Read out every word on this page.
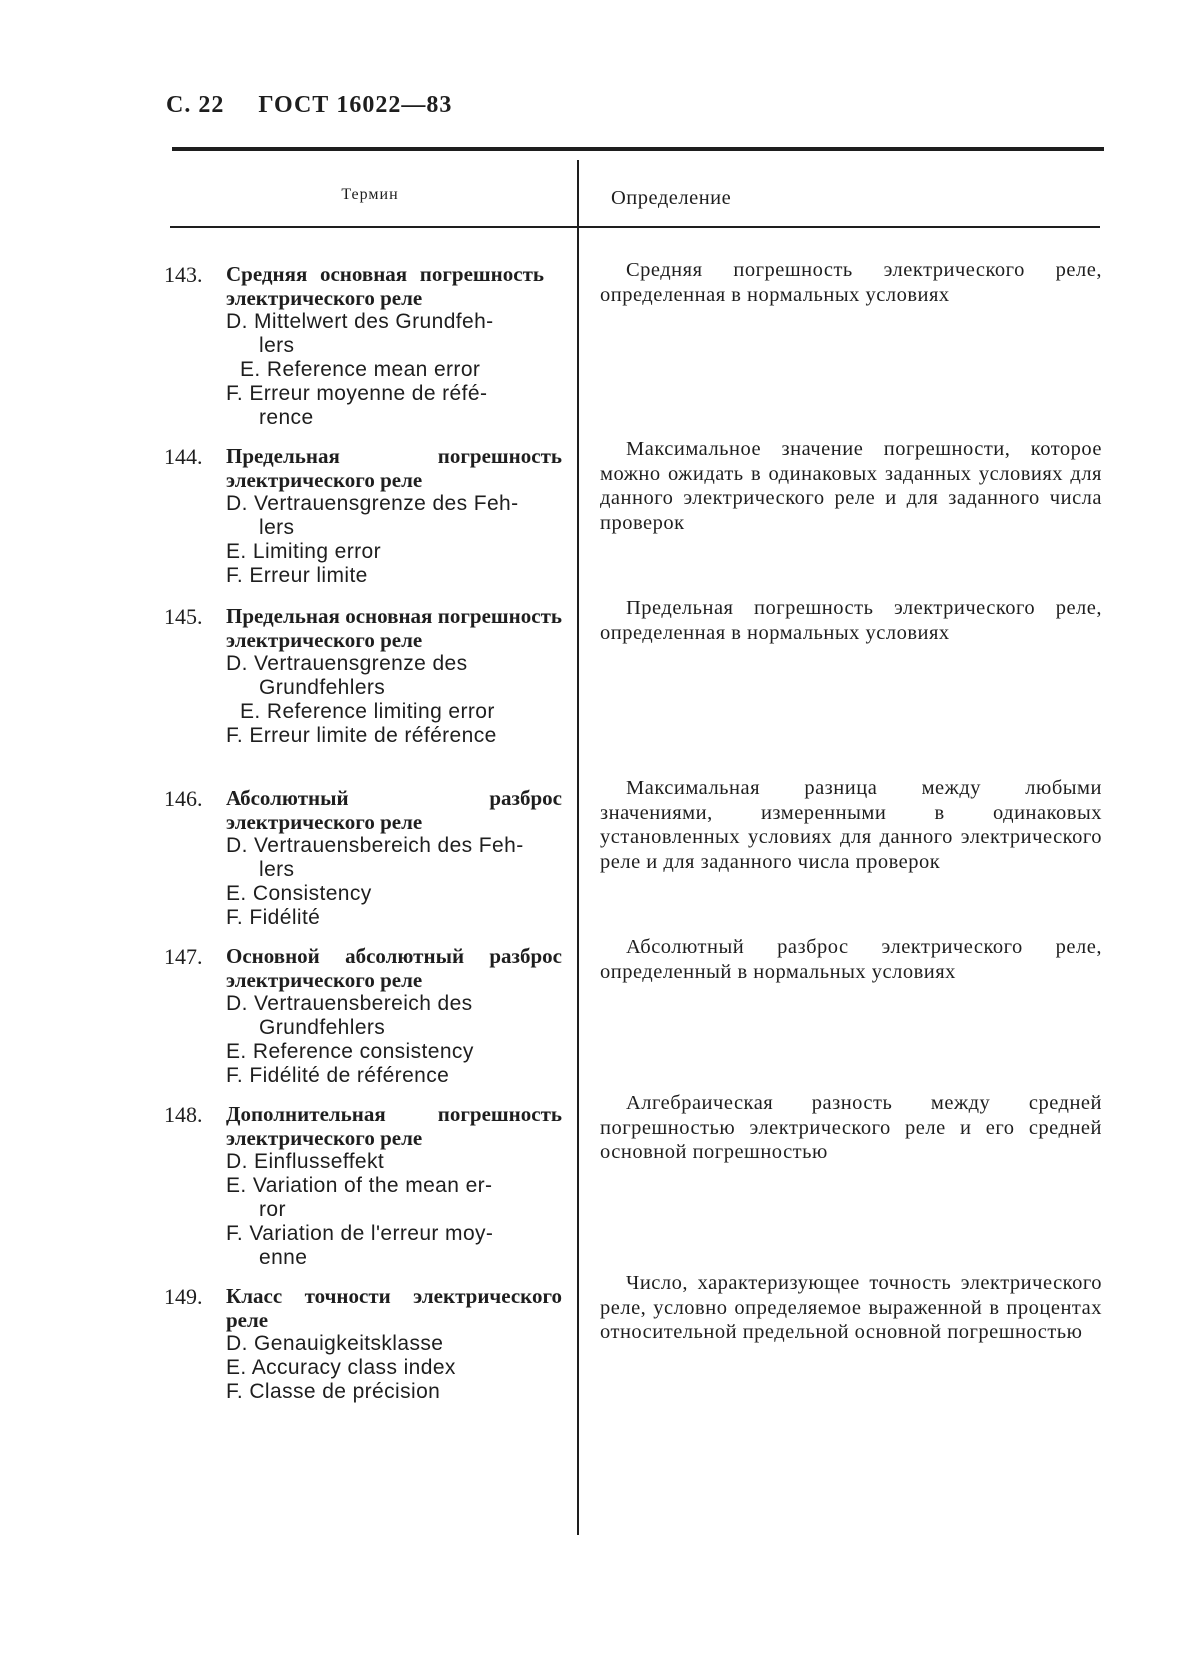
С. 22 ГОСТ 16022—83
Термин	Определение
143. Средняя основная погрешность электрического реле
D. Mittelwert des Grundfeh-
lers
E. Reference mean error
F. Erreur moyenne de réfé-
rence
Средняя погрешность электрического реле, определенная в нормальных условиях
144. Предельная погрешность электрического реле
D. Vertrauensgrenze des Feh-
lers
E. Limiting error
F. Erreur limite
Максимальное значение погрешности, которое можно ожидать в одинаковых заданных условиях для данного электрического реле и для заданного числа проверок
145. Предельная основная погрешность электрического реле
D. Vertrauensgrenze des
Grundfehlers
E. Reference limiting error
F. Erreur limite de référence
Предельная погрешность электрического реле, определенная в нормальных условиях
146. Абсолютный разброс электрического реле
D. Vertrauensbereich des Feh-
lers
E. Consistency
F. Fidélité
Максимальная разница между любыми значениями, измеренными в одинаковых установленных условиях для данного электрического реле и для заданного числа проверок
147. Основной абсолютный разброс электрического реле
D. Vertrauensbereich des
Grundfehlers
E. Reference consistency
F. Fidélité de référence
Абсолютный разброс электрического реле, определенный в нормальных условиях
148. Дополнительная погрешность электрического реле
D. Einflusseffekt
E. Variation of the mean er-
ror
F. Variation de l'erreur moy-
enne
Алгебраическая разность между средней погрешностью электрического реле и его средней основной погрешностью
149. Класс точности электрического реле
D. Genauigkeitsklasse
E. Accuracy class index
F. Classe de précision
Число, характеризующее точность электрического реле, условно определяемое выраженной в процентах относительной предельной основной погрешностью
